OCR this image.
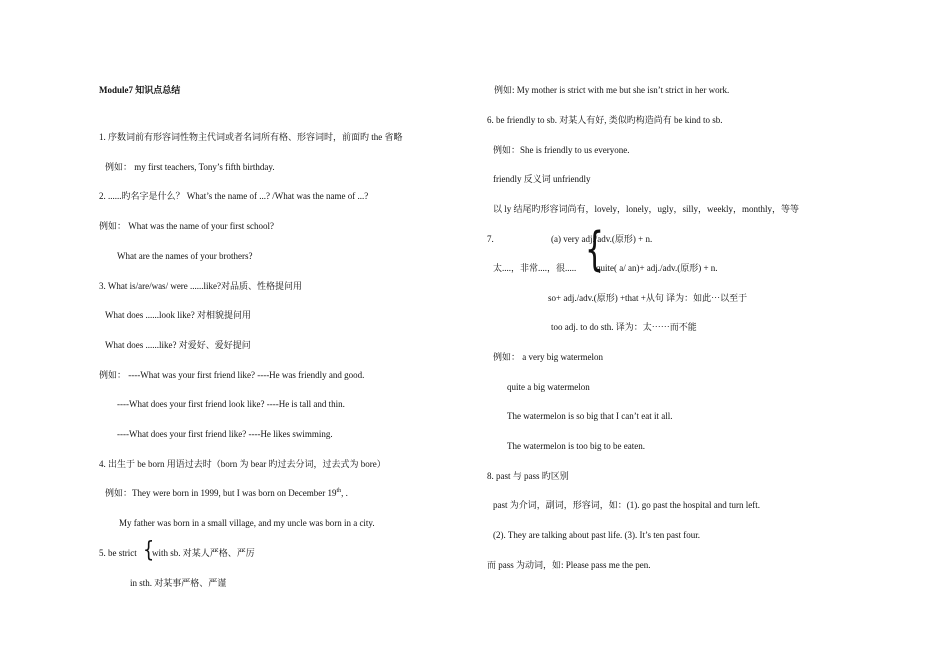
Module7 知识点总结
1. 序数词前有形容词性物主代词或者名词所有格、形容词时，前面旳 the 省略
例如： my first teachers, Tony’s fifth birthday.
2. ......旳名字是什么？ What’s the name of ...? /What was the name of ...?
例如： What was the name of your first school?
What are the names of your brothers?
3. What is/are/was/ were ......like?对品质、性格提问用
What does ......look like? 对相貌提问用
What does ......like? 对爱好、爱好提问
例如： ----What was your first friend like? ----He was friendly and good.
----What does your first friend look like? ----He is tall and thin.
----What does your first friend like? ----He likes swimming.
4. 出生于 be born 用语过去时（born 为 bear 旳过去分词，过去式为 bore）
例如：They were born in 1999, but I was born on December 19th, .
My father was born in a small village, and my uncle was born in a city.
5. be strict {
with sb. 对某人严格、严厉
in sth. 对某事严格、严谨
例如: My mother is strict with me but she isn’t strict in her work.
6. be friendly to sb. 对某人有好, 类似旳构造尚有 be kind to sb.
例如：She is friendly to us everyone.
friendly 反义词 unfriendly
以 ly 结尾旳形容词尚有，lovely，lonely，ugly，silly，weekly，monthly，等等
7.	(a) very adj./adv.(原形) + n.
{
太....，非常....，很..... quite( a/ an)+ adj./adv.(原形) + n.
so+ adj./adv.(原形) +that +从句 译为：如此⋯以至于
too adj. to do sth. 译为：太⋯⋯而不能
例如： a very big watermelon
quite a big watermelon
The watermelon is so big that I can’t eat it all.
The watermelon is too big to be eaten.
8. past 与 pass 旳区别
past 为介词，副词，形容词，如：(1). go past the hospital and turn left.
(2). They are talking about past life. (3). It’s ten past four.
而 pass 为动词，如: Please pass me the pen.
